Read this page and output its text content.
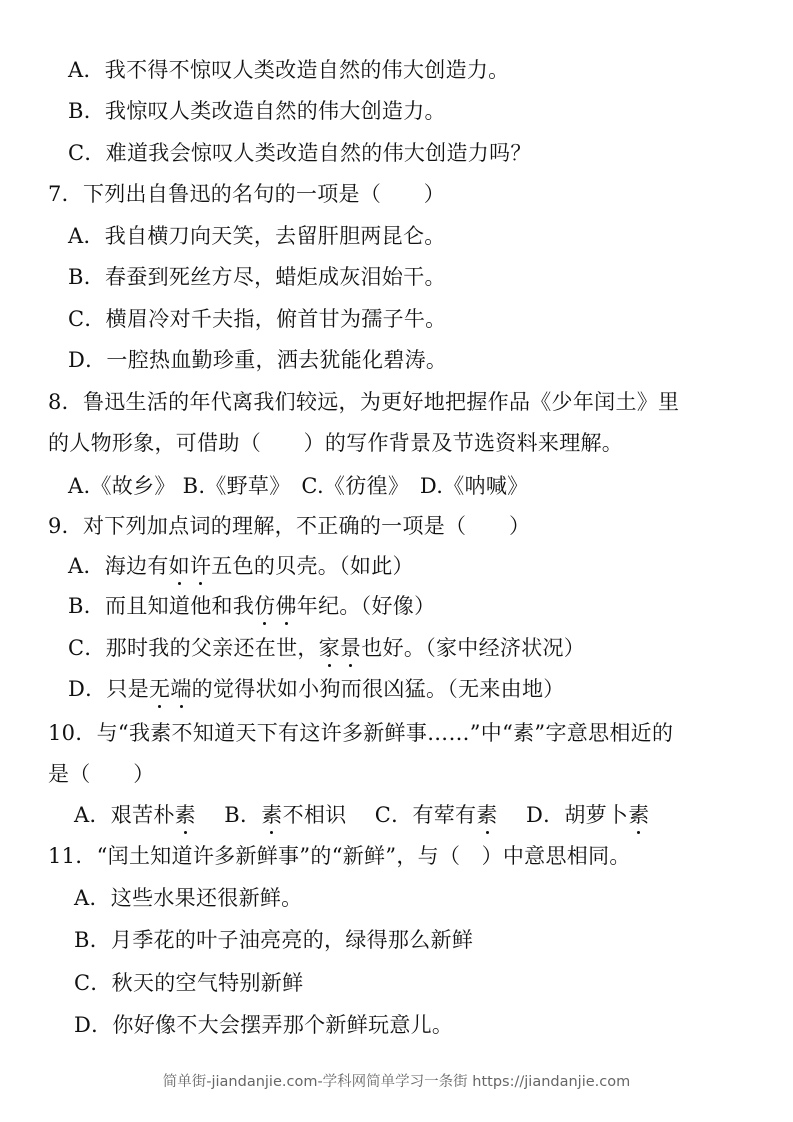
A．我不得不惊叹人类改造自然的伟大创造力。
B．我惊叹人类改造自然的伟大创造力。
C．难道我会惊叹人类改造自然的伟大创造力吗？
7．下列出自鲁迅的名句的一项是（　　）
A．我自横刀向天笑，去留肝胆两昆仑。
B．春蚕到死丝方尽，蜡炬成灰泪始干。
C．横眉冷对千夫指，俯首甘为孺子牛。
D．一腔热血勤珍重，洒去犹能化碧涛。
8．鲁迅生活的年代离我们较远，为更好地把握作品《少年闰土》里
的人物形象，可借助（　　）的写作背景及节选资料来理解。
A.《故乡》 B.《野草》　C.《彷徨》　D.《呐喊》
9．对下列加点词的理解，不正确的一项是（　　）
A．海边有如许五色的贝壳。（如此）
B．而且知道他和我仿佛年纪。（好像）
C．那时我的父亲还在世，家景也好。（家中经济状况）
D．只是无端的觉得状如小狗而很凶猛。（无来由地）
10．与“我素不知道天下有这许多新鲜事……”中“素”字意思相近的
是（　　）
A．艰苦朴素　 B．素不相识　 C．有荤有素　 D．胡萝卜素
11．“闰土知道许多新鲜事”的“新鲜”，与（　）中意思相同。
A．这些水果还很新鲜。
B．月季花的叶子油亮亮的，绿得那么新鲜
C．秋天的空气特别新鲜
D．你好像不大会摆弄那个新鲜玩意儿。
简单街-jiandanjie.com-学科网简单学习一条街 https://jiandanjie.com
